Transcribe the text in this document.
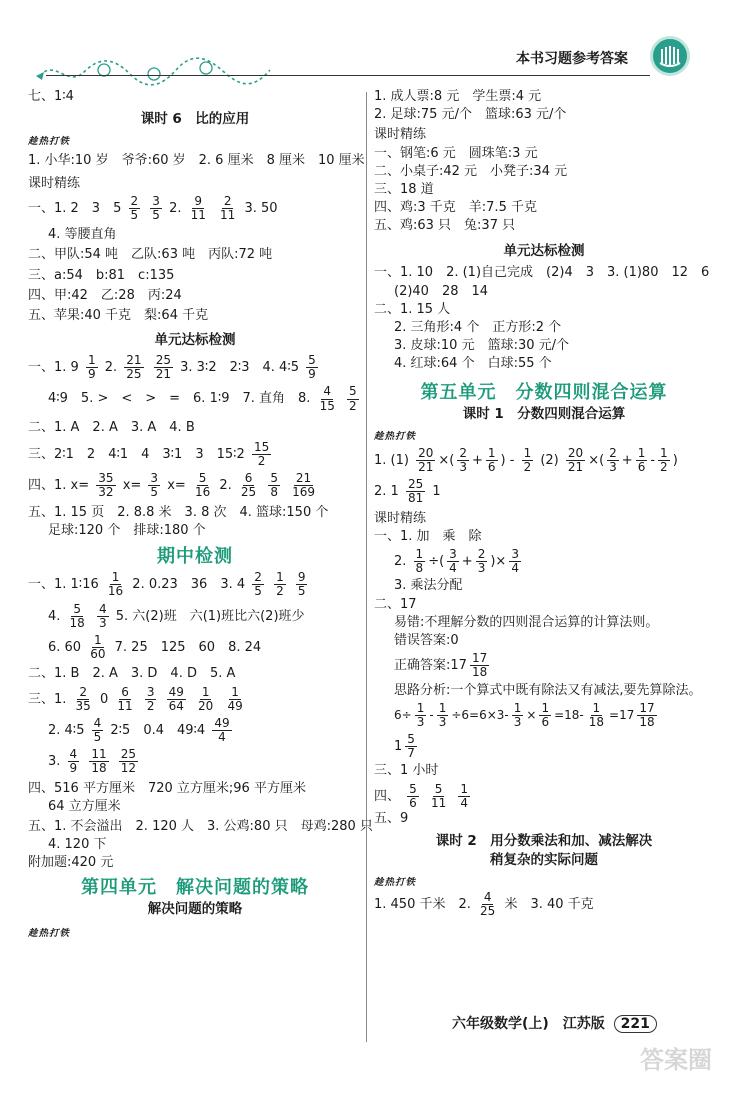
本书习题参考答案

七、1∶4

课时 6　比的应用

趁热打铁

1. 小华:10 岁　爷爷:60 岁　2. 6 厘米　8 厘米　10 厘米

课时精练

一、1. 2　3　$5 \frac{2}{5}$
$\frac{3}{5} 2$. $\frac{9}{11}$
$\frac{2}{11} 3$. 50

4. 等腰直角

二、甲队:54 吨　乙队:63 吨　丙队:72 吨

三、a:54　b:81　c:135

四、甲:42　乙:28　丙:24

五、苹果:40 千克　梨:64 千克

单元达标检测

一、1. $9 \frac{1}{9} 2$. $\frac{21}{25}$
$\frac{25}{21} 3$. 3∶2　2∶3　4. 4∶5 $\frac{5}{9}$

4∶9　5. >　<　>　=　6. 1∶9　7. 直角　8. $\frac{4}{15}$
$\frac{5}{2}$

二、1. A　2. A　3. A　4. B

三、2∶1　2　4∶1　4　3∶1　3　15∶2 $\frac{15}{2}$

四、1. $x= \frac{35}{32} x= \frac{3}{5} x= \frac{5}{16} 2$. $\frac{6}{25}$
$\frac{5}{8}$
$\frac{21}{169}$

五、1. 15 页　2. 8.8 米　3. 8 次　4. 篮球:150 个

足球:120 个　排球:180 个

期中检测

一、1. 1∶16 $\frac{1}{16} 2$. 0.23　36　3. $4 \frac{2}{5}$
$\frac{1}{2}$
$\frac{9}{5}$

4. $\frac{5}{18}$
$\frac{4}{3} 5$. 六(2)班　六(1)班比六(2)班少

6. $60 \frac{1}{60} 7$. 25　125　60　8. 24

二、1. B　2. A　3. D　4. D　5. A

三、1. $\frac{2}{35} 0 \frac{6}{11}$
$\frac{3}{2}$
$\frac{49}{64}$
$\frac{1}{20}$
$\frac{1}{49}$

2. 4∶5 $\frac{4}{5}$ 2∶5　0.4　49∶4 $\frac{49}{4}$

3. $\frac{4}{9}$
$\frac{11}{18}$
$\frac{25}{12}$

四、516 平方厘米　720 立方厘米;96 平方厘米

64 立方厘米

五、1. 不会溢出　2. 120 人　3. 公鸡:80 只　母鸡:280 只

4. 120 下

附加题:420 元

第四单元　解决问题的策略

解决问题的策略

趁热打铁

1. 成人票:8 元　学生票:4 元

2. 足球:75 元/个　篮球:63 元/个

课时精练

一、钢笔:6 元　圆珠笔:3 元

二、小桌子:42 元　小凳子:34 元

三、18 道

四、鸡:3 千克　羊:7.5 千克

五、鸡:63 只　兔:37 只

单元达标检测

一、1. 10　2. (1)自己完成　(2)4　3　3. (1)80　12　6

(2)40　28　14

二、1. 15 人

2. 三角形:4 个　正方形:2 个

3. 皮球:10 元　篮球:30 元/个

4. 红球:64 个　白球:55 个

第五单元　分数四则混合运算

课时 1　分数四则混合运算

趁热打铁

1. $(1) \frac{20}{21}$ ×( $\frac{2}{3} + \frac{1}{6}$ ) - $\frac{1}{2} (2) \frac{20}{21}$ ×( $\frac{2}{3} + \frac{1}{6} - \frac{1}{2}$ )

2. $1 \frac{25}{81} 1$

课时精练

一、1. 加　乘　除

2. $\frac{1}{8}$ ÷( $\frac{3}{4} + \frac{2}{3}$ )× $\frac{3}{4}$

3. 乘法分配

二、17

易错:不理解分数的四则混合运算的计算法则。

错误答案:0

正确答案:17 $\frac{17}{18}$

思路分析:一个算式中既有除法又有减法,要先算除法。

$6\div \frac{1}{3} - \frac{1}{3} \div 6=6\times 3- \frac{1}{3} \times \frac{1}{6} =18- \frac{1}{18} =17 \frac{17}{18}$

$1 \frac{5}{7}$

三、1 小时

四、 $\frac{5}{6}$
$\frac{5}{11}$
$\frac{1}{4}$

五、9

课时 2　用分数乘法和加、减法解决

稍复杂的实际问题

趁热打铁

1. 450 千米　2. $\frac{4}{25}$ 米　3. 40 千克

六年级数学(上)　江苏版 221
答案圈
